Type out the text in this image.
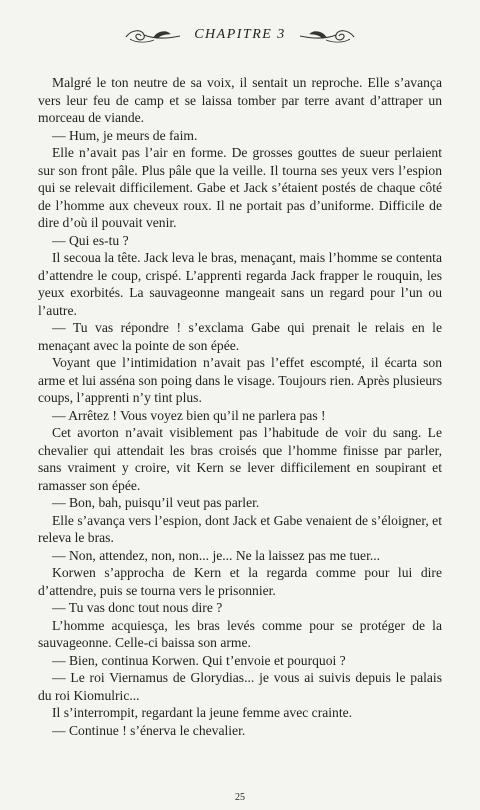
CHAPITRE 3

Malgré le ton neutre de sa voix, il sentait un reproche. Elle s’avança vers leur feu de camp et se laissa tomber par terre avant d’attraper un morceau de viande.

— Hum, je meurs de faim.

Elle n’avait pas l’air en forme. De grosses gouttes de sueur perlaient sur son front pâle. Plus pâle que la veille. Il tourna ses yeux vers l’espion qui se relevait difficilement. Gabe et Jack s’étaient postés de chaque côté de l’homme aux cheveux roux. Il ne portait pas d’uniforme. Difficile de dire d’où il pouvait venir.

— Qui es-tu ?

Il secoua la tête. Jack leva le bras, menaçant, mais l’homme se contenta d’attendre le coup, crispé. L’apprenti regarda Jack frapper le rouquin, les yeux exorbités. La sauvageonne mangeait sans un regard pour l’un ou l’autre.

— Tu vas répondre ! s’exclama Gabe qui prenait le relais en le menaçant avec la pointe de son épée.

Voyant que l’intimidation n’avait pas l’effet escompté, il écarta son arme et lui asséna son poing dans le visage. Toujours rien. Après plusieurs coups, l’apprenti n’y tint plus.

— Arrêtez ! Vous voyez bien qu’il ne parlera pas !

Cet avorton n’avait visiblement pas l’habitude de voir du sang. Le chevalier qui attendait les bras croisés que l’homme finisse par parler, sans vraiment y croire, vit Kern se lever difficilement en soupirant et ramasser son épée.

— Bon, bah, puisqu’il veut pas parler.

Elle s’avança vers l’espion, dont Jack et Gabe venaient de s’éloigner, et releva le bras.

— Non, attendez, non, non... je... Ne la laissez pas me tuer...

Korwen s’approcha de Kern et la regarda comme pour lui dire d’attendre, puis se tourna vers le prisonnier.

— Tu vas donc tout nous dire ?

L’homme acquiesça, les bras levés comme pour se protéger de la sauvageonne. Celle-ci baissa son arme.

— Bien, continua Korwen. Qui t’envoie et pourquoi ?

— Le roi Viernamus de Glorydias... je vous ai suivis depuis le palais du roi Kiomulric...

Il s’interrompit, regardant la jeune femme avec crainte.

— Continue ! s’énerva le chevalier.

25
